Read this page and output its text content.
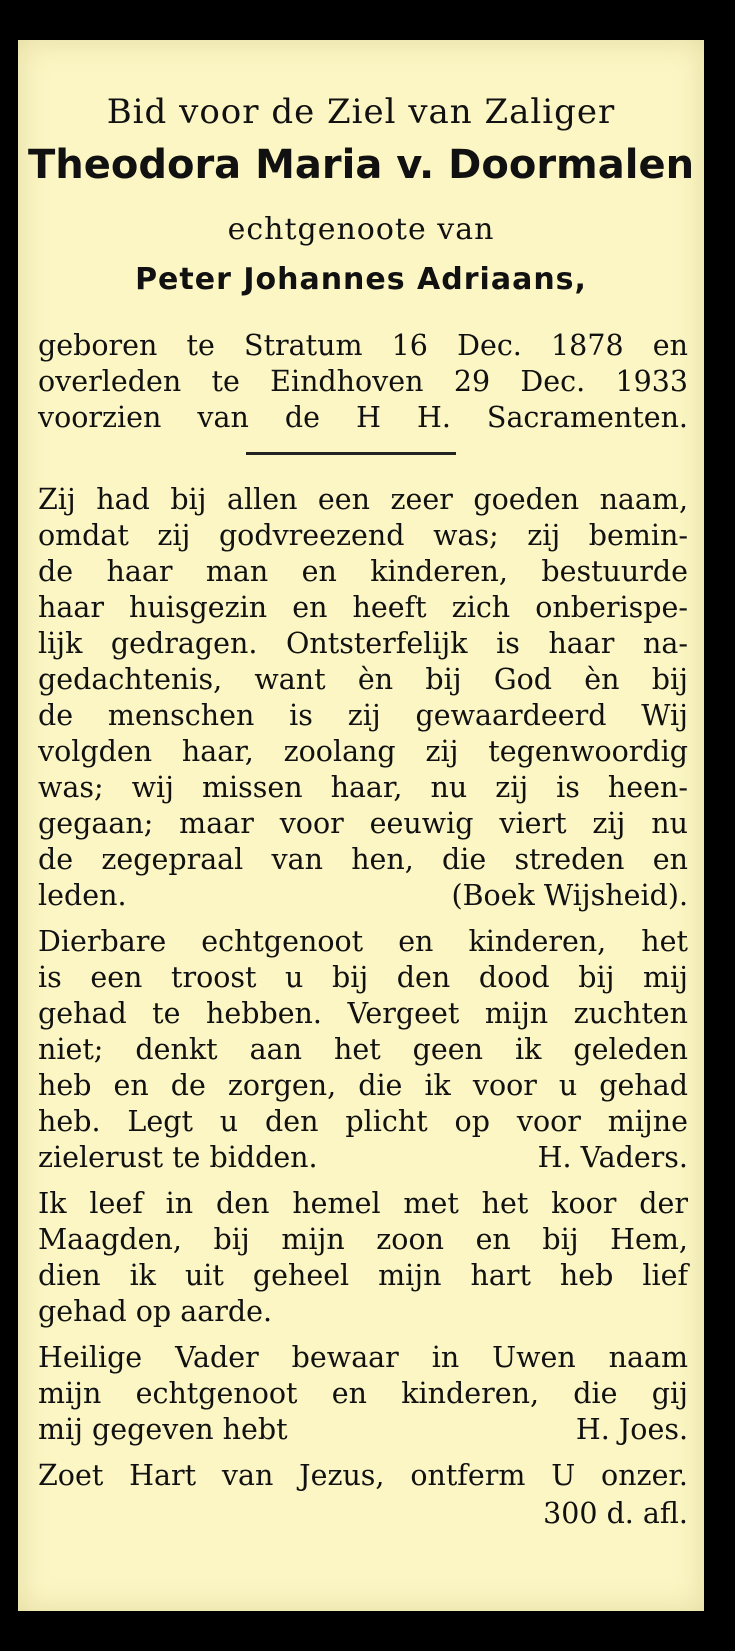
Bid voor de Ziel van Zaliger
Theodora Maria v. Doormalen
echtgenoote van
Peter Johannes Adriaans,
geboren te Stratum 16 Dec. 1878 en
overleden te Eindhoven 29 Dec. 1933
voorzien van de H H. Sacramenten.
Zij had bij allen een zeer goeden naam,
omdat zij godvreezend was; zij bemin-
de haar man en kinderen, bestuurde
haar huisgezin en heeft zich onberispe-
lijk gedragen. Ontsterfelijk is haar na-
gedachtenis, want èn bij God èn bij
de menschen is zij gewaardeerd Wij
volgden haar, zoolang zij tegenwoordig
was; wij missen haar, nu zij is heen-
gegaan; maar voor eeuwig viert zij nu
de zegepraal van hen, die streden en
leden.	(Boek Wijsheid).
Dierbare echtgenoot en kinderen, het
is een troost u bij den dood bij mij
gehad te hebben. Vergeet mijn zuchten
niet; denkt aan het geen ik geleden
heb en de zorgen, die ik voor u gehad
heb. Legt u den plicht op voor mijne
zielerust te bidden.	H. Vaders.
Ik leef in den hemel met het koor der
Maagden, bij mijn zoon en bij Hem,
dien ik uit geheel mijn hart heb lief
gehad op aarde.
Heilige Vader bewaar in Uwen naam
mijn echtgenoot en kinderen, die gij
mij gegeven hebt	H. Joes.
Zoet Hart van Jezus, ontferm U onzer.
300 d. afl.
